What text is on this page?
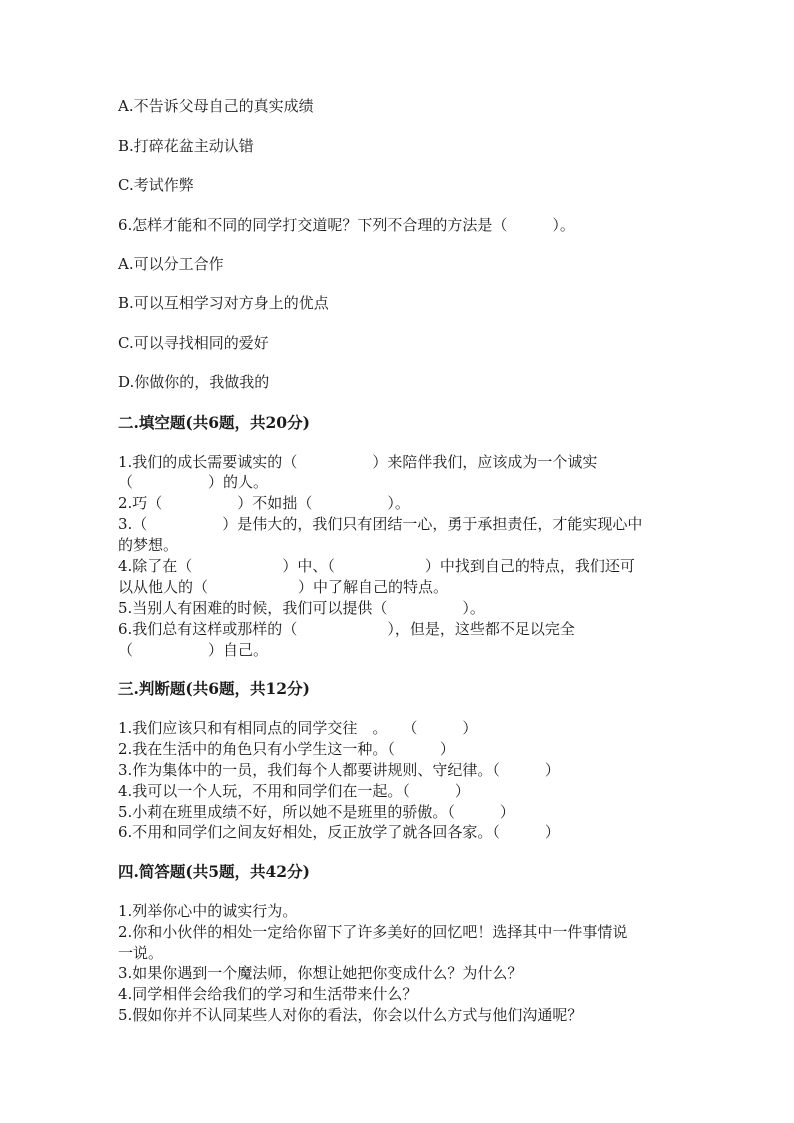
A.不告诉父母自己的真实成绩

B.打碎花盆主动认错

C.考试作弊

6.怎样才能和不同的同学打交道呢？下列不合理的方法是（　　　）。

A.可以分工合作

B.可以互相学习对方身上的优点

C.可以寻找相同的爱好

D.你做你的，我做我的

二.填空题(共6题，共20分)

1.我们的成长需要诚实的（　　　　　）来陪伴我们，应该成为一个诚实

（　　　　　）的人。

2.巧（　　　　　）不如拙（　　　　　）。

3.（　　　　　）是伟大的，我们只有团结一心，勇于承担责任，才能实现心中

的梦想。

4.除了在（　　　　　　）中、（　　　　　　）中找到自己的特点，我们还可

以从他人的（　　　　　　）中了解自己的特点。

5.当别人有困难的时候，我们可以提供（　　　　　）。

6.我们总有这样或那样的（　　　　　　），但是，这些都不足以完全

（　　　　　）自己。

三.判断题(共6题，共12分)

1.我们应该只和有相同点的同学交往　。　　（　　　）

2.我在生活中的角色只有小学生这一种。（　　　）

3.作为集体中的一员，我们每个人都要讲规则、守纪律。（　　　）

4.我可以一个人玩，不用和同学们在一起。（　　　）

5.小莉在班里成绩不好，所以她不是班里的骄傲。（　　　）

6.不用和同学们之间友好相处，反正放学了就各回各家。（　　　）

四.简答题(共5题，共42分)

1.列举你心中的诚实行为。

2.你和小伙伴的相处一定给你留下了许多美好的回忆吧！选择其中一件事情说

一说。

3.如果你遇到一个魔法师，你想让她把你变成什么？为什么？

4.同学相伴会给我们的学习和生活带来什么？

5.假如你并不认同某些人对你的看法，你会以什么方式与他们沟通呢？
